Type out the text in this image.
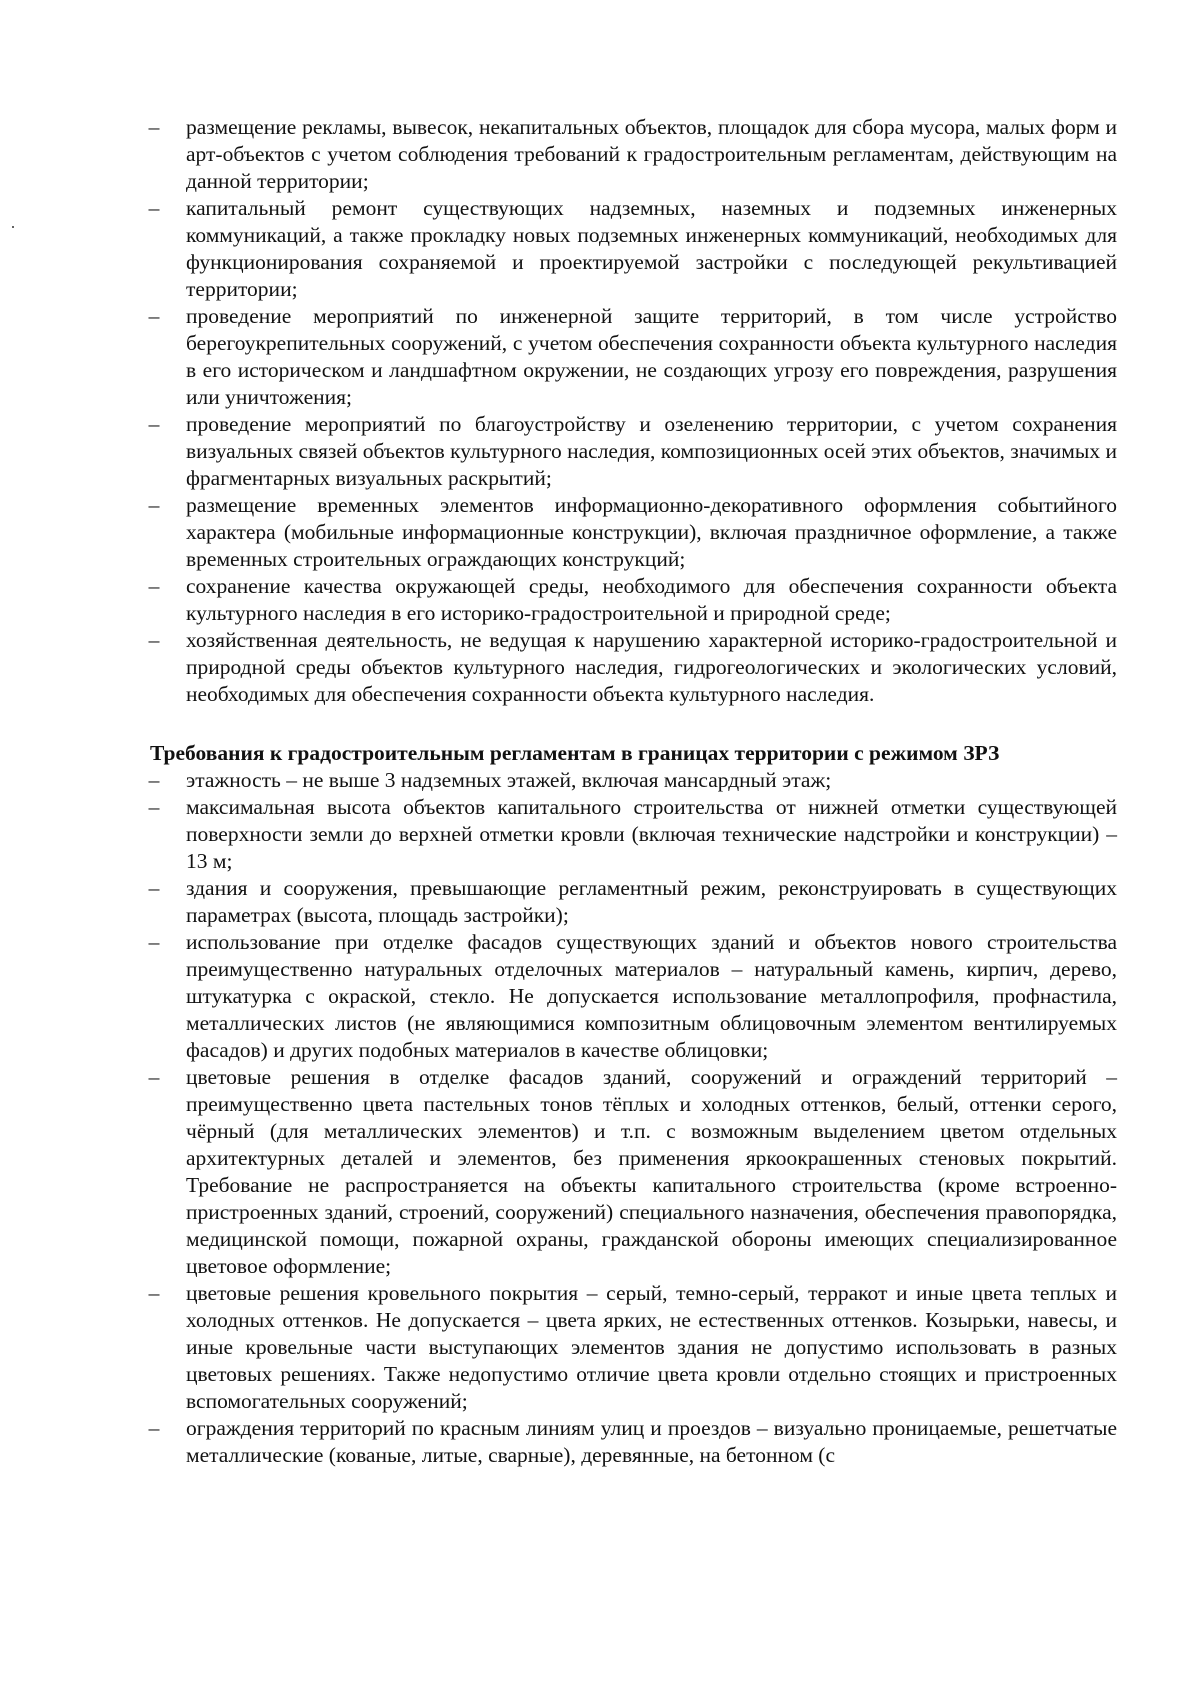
–	размещение рекламы, вывесок, некапитальных объектов, площадок для сбора мусора, малых форм и арт-объектов с учетом соблюдения требований к градостроительным регламентам, действующим на данной территории;
–	капитальный ремонт существующих надземных, наземных и подземных инженерных коммуникаций, а также прокладку новых подземных инженерных коммуникаций, необходимых для функционирования сохраняемой и проектируемой застройки с последующей рекультивацией территории;
–	проведение мероприятий по инженерной защите территорий, в том числе устройство берегоукрепительных сооружений, с учетом обеспечения сохранности объекта культурного наследия в его историческом и ландшафтном окружении, не создающих угрозу его повреждения, разрушения или уничтожения;
–	проведение мероприятий по благоустройству и озеленению территории, с учетом сохранения визуальных связей объектов культурного наследия, композиционных осей этих объектов, значимых и фрагментарных визуальных раскрытий;
–	размещение временных элементов информационно-декоративного оформления событийного характера (мобильные информационные конструкции), включая праздничное оформление, а также временных строительных ограждающих конструкций;
–	сохранение качества окружающей среды, необходимого для обеспечения сохранности объекта культурного наследия в его историко-градостроительной и природной среде;
–	хозяйственная деятельность, не ведущая к нарушению характерной историко-градостроительной и природной среды объектов культурного наследия, гидрогеологических и экологических условий, необходимых для обеспечения сохранности объекта культурного наследия.
Требования к градостроительным регламентам в границах территории с режимом ЗРЗ
–	этажность – не выше 3 надземных этажей, включая мансардный этаж;
–	максимальная высота объектов капитального строительства от нижней отметки существующей поверхности земли до верхней отметки кровли (включая технические надстройки и конструкции) – 13 м;
–	здания и сооружения, превышающие регламентный режим, реконструировать в существующих параметрах (высота, площадь застройки);
–	использование при отделке фасадов существующих зданий и объектов нового строительства преимущественно натуральных отделочных материалов – натуральный камень, кирпич, дерево, штукатурка с окраской, стекло. Не допускается использование металлопрофиля, профнастила, металлических листов (не являющимися композитным облицовочным элементом вентилируемых фасадов) и других подобных материалов в качестве облицовки;
–	цветовые решения в отделке фасадов зданий, сооружений и ограждений территорий – преимущественно цвета пастельных тонов тёплых и холодных оттенков, белый, оттенки серого, чёрный (для металлических элементов) и т.п. с возможным выделением цветом отдельных архитектурных деталей и элементов, без применения яркоокрашенных стеновых покрытий. Требование не распространяется на объекты капитального строительства (кроме встроенно-пристроенных зданий, строений, сооружений) специального назначения, обеспечения правопорядка, медицинской помощи, пожарной охраны, гражданской обороны имеющих специализированное цветовое оформление;
–	цветовые решения кровельного покрытия – серый, темно-серый, терракот и иные цвета теплых и холодных оттенков. Не допускается – цвета ярких, не естественных оттенков. Козырьки, навесы, и иные кровельные части выступающих элементов здания не допустимо использовать в разных цветовых решениях. Также недопустимо отличие цвета кровли отдельно стоящих и пристроенных вспомогательных сооружений;
–	ограждения территорий по красным линиям улиц и проездов – визуально проницаемые, решетчатые металлические (кованые, литые, сварные), деревянные, на бетонном (с
